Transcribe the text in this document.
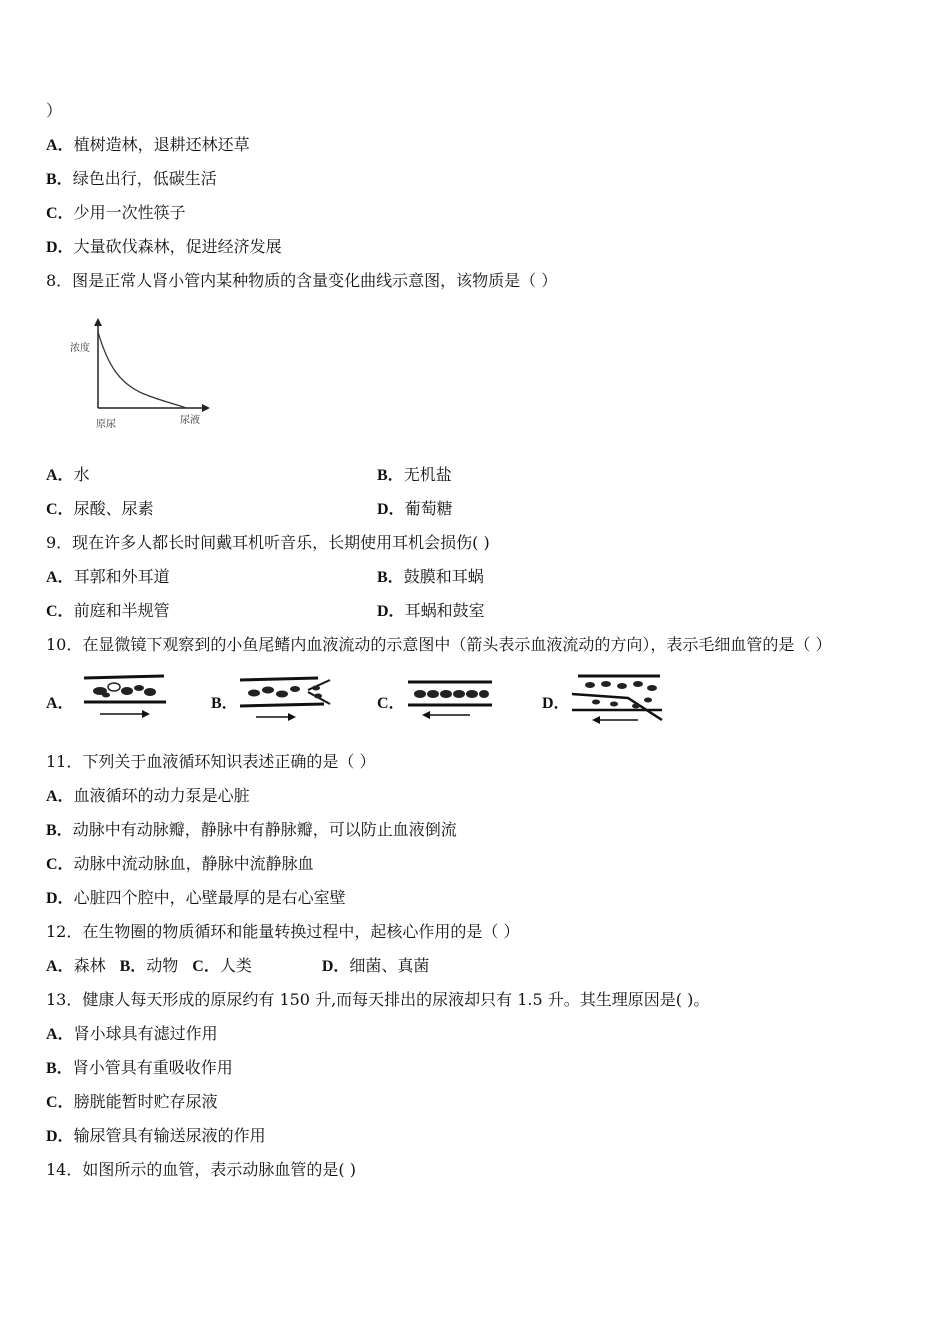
）
A．植树造林，退耕还林还草
B．绿色出行，低碳生活
C．少用一次性筷子
D．大量砍伐森林，促进经济发展
8．图是正常人肾小管内某种物质的含量变化曲线示意图，该物质是（ ）
浓度
原尿	尿液
A．水	B．无机盐
C．尿酸、尿素	D．葡萄糖
9．现在许多人都长时间戴耳机听音乐，长期使用耳机会损伤( )
A．耳郭和外耳道	B．鼓膜和耳蜗
C．前庭和半规管	D．耳蜗和鼓室
10．在显微镜下观察到的小鱼尾鳍内血液流动的示意图中（箭头表示血液流动的方向），表示毛细血管的是（ ）
A．	B．	C．	D．
11．下列关于血液循环知识表述正确的是（ ）
A．血液循环的动力泵是心脏
B．动脉中有动脉瓣，静脉中有静脉瓣，可以防止血液倒流
C．动脉中流动脉血，静脉中流静脉血
D．心脏四个腔中，心壁最厚的是右心室壁
12．在生物圈的物质循环和能量转换过程中，起核心作用的是（ ）
A．森林 B．动物 C．人类	D．细菌、真菌
13．健康人每天形成的原尿约有 150 升,而每天排出的尿液却只有 1.5 升。其生理原因是( )。
A．肾小球具有滤过作用
B．肾小管具有重吸收作用
C．膀胱能暂时贮存尿液
D．输尿管具有输送尿液的作用
14．如图所示的血管，表示动脉血管的是( )
